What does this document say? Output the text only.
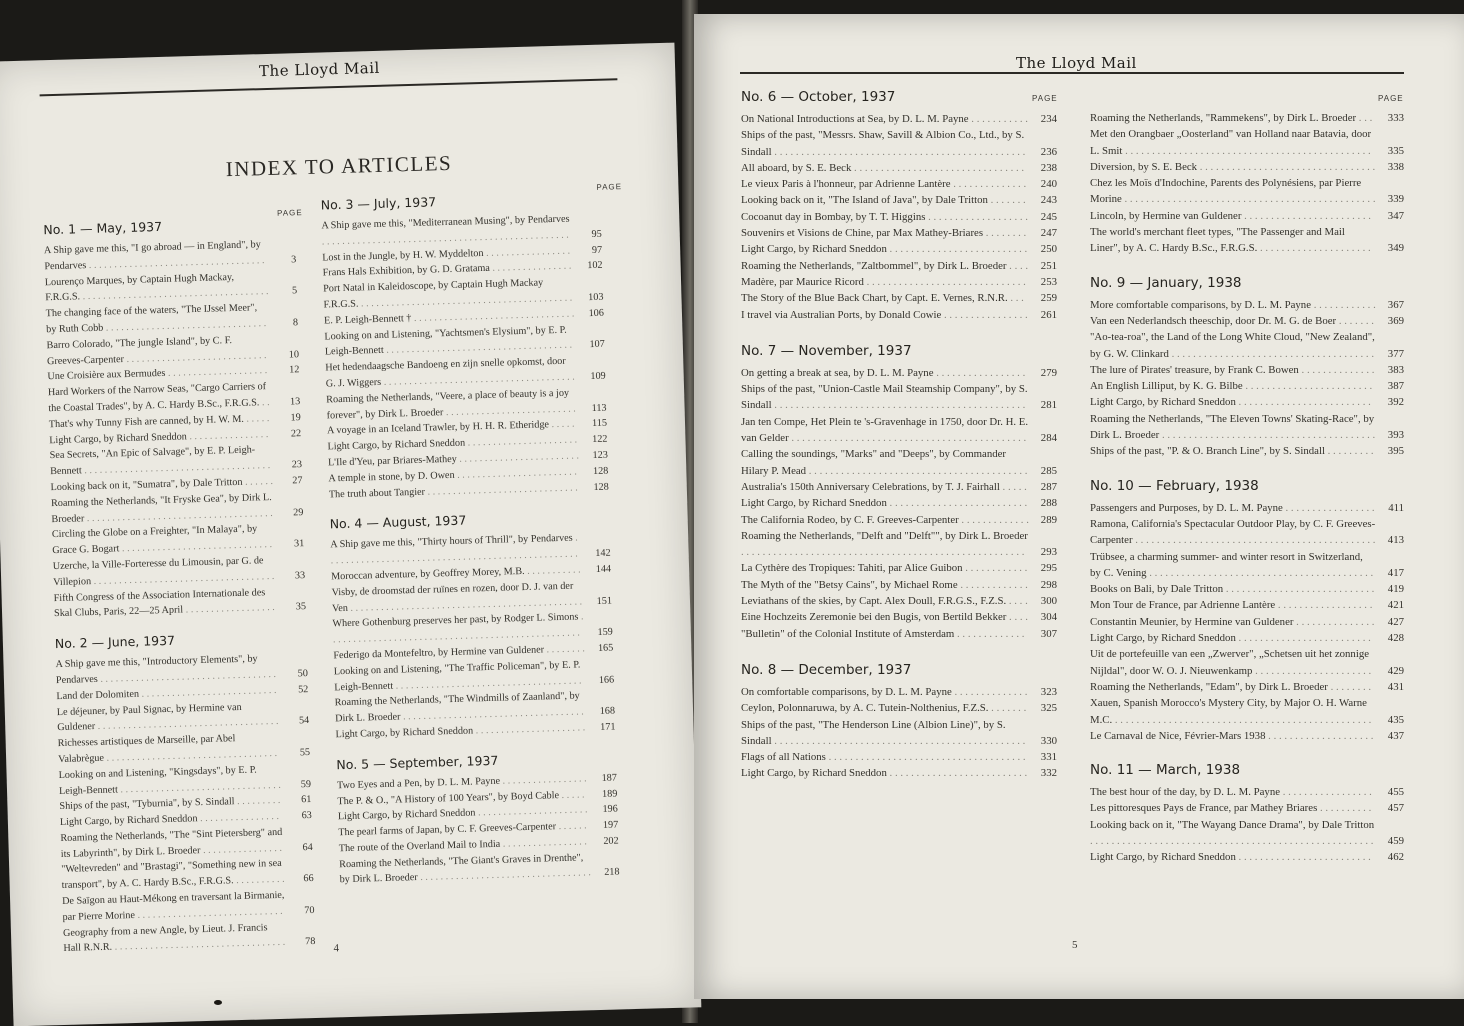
The Lloyd Mail
INDEX TO ARTICLES
PAGE
PAGE
No. 1 — May, 1937
A Ship gave me this, "I go abroad — in England", by Pendarves . . .
3
Lourenço Marques, by Captain Hugh Mackay, F.R.G.S. . . .
5
The changing face of the waters, "The IJssel Meer", by Ruth Cobb . . .	8
Barro Colorado, "The jungle Island", by C. F. Greeves-Carpenter . . .	10
Une Croisière aux Bermudes . . .	12
Hard Workers of the Narrow Seas, "Cargo Carriers of the Coastal Trades", by A. C. Hardy B.Sc., F.R.G.S. . . .	13
That's why Tunny Fish are canned, by H. W. M. . . .	19
Light Cargo, by Richard Sneddon . . .	22
Sea Secrets, "An Epic of Salvage", by E. P. Leigh-Bennett . . .
23
Looking back on it, "Sumatra", by Dale Tritton . . .	27
Roaming the Netherlands, "It Fryske Gea", by Dirk L. Broeder . . .
29
Circling the Globe on a Freighter, "In Malaya", by Grace G. Bogart . . .	31
Uzerche, la Ville-Forteresse du Limousin, par G. de Villepion . . .
33
Fifth Congress of the Association Internationale des Skal Clubs, Paris, 22—25 April . . .	35
No. 2 — June, 1937
A Ship gave me this, "Introductory Elements", by Pendarves . . .
50
Land der Dolomiten . . .	52
Le déjeuner, by Paul Signac, by Hermine van Guldener . . .
54
Richesses artistiques de Marseille, par Abel Valabrègue . . .
55
Looking on and Listening, "Kingsdays", by E. P. Leigh-Bennett . . .	59
Ships of the past, "Tyburnia", by S. Sindall . . .	61
Light Cargo, by Richard Sneddon . . .	63
Roaming the Netherlands, "The "Sint Pietersberg" and its Labyrinth", by Dirk L. Broeder . . .	64
"Weltevreden" and "Brastagi", "Something new in sea transport", by A. C. Hardy B.Sc., F.R.G.S. . . .	66
De Saïgon au Haut-Mékong en traversant la Birmanie, par Pierre Morine . . .	70
Geography from a new Angle, by Lieut. J. Francis Hall R.N.R. . . .
78
No. 3 — July, 1937
A Ship gave me this, "Mediterranean Musing", by Pendarves . . .
95
Lost in the Jungle, by H. W. Myddelton . . .	97
Frans Hals Exhibition, by G. D. Gratama . . .	102
Port Natal in Kaleidoscope, by Captain Hugh Mackay F.R.G.S. . . .
103
E. P. Leigh-Bennett † . . .	106
Looking on and Listening, "Yachtsmen's Elysium", by E. P. Leigh-Bennett . . .
107
Het hedendaagsche Bandoeng en zijn snelle opkomst, door G. J. Wiggers . . .
109
Roaming the Netherlands, "Veere, a place of beauty is a joy forever", by Dirk L. Broeder . . .	113
A voyage in an Iceland Trawler, by H. H. R. Etheridge . . .	115
Light Cargo, by Richard Sneddon . . .	122
L'Ile d'Yeu, par Briares-Mathey . . .	123
A temple in stone, by D. Owen . . .	128
The truth about Tangier . . .	128
No. 4 — August, 1937
A Ship gave me this, "Thirty hours of Thrill", by Pendarves . . .
142
Moroccan adventure, by Geoffrey Morey, M.B. . . .	144
Visby, de droomstad der ruïnes en rozen, door D. J. van der Ven . . .
151
Where Gothenburg preserves her past, by Rodger L. Simons . . .
159
Federigo da Montefeltro, by Hermine van Guldener . . .	165
Looking on and Listening, "The Traffic Policeman", by E. P. Leigh-Bennett . . .
166
Roaming the Netherlands, "The Windmills of Zaanland", by Dirk L. Broeder . . .
168
Light Cargo, by Richard Sneddon . . .	171
No. 5 — September, 1937
Two Eyes and a Pen, by D. L. M. Payne . . .	187
The P. & O., "A History of 100 Years", by Boyd Cable . . .	189
Light Cargo, by Richard Sneddon . . .	196
The pearl farms of Japan, by C. F. Greeves-Carpenter . . .	197
The route of the Overland Mail to India . . .	202
Roaming the Netherlands, "The Giant's Graves in Drenthe", by Dirk L. Broeder . . .	218
4
The Lloyd Mail
PAGE	PAGE
No. 6 — October, 1937
On National Introductions at Sea, by D. L. M. Payne . . .	234
Ships of the past, "Messrs. Shaw, Savill & Albion Co., Ltd., by S. Sindall . . .	236
All aboard, by S. E. Beck . . .	238
Le vieux Paris à l'honneur, par Adrienne Lantère . . .	240
Looking back on it, "The Island of Java", by Dale Tritton . . .	243
Cocoanut day in Bombay, by T. T. Higgins . . .	245
Souvenirs et Visions de Chine, par Max Mathey-Briares . . .	247
Light Cargo, by Richard Sneddon . . .	250
Roaming the Netherlands, "Zaltbommel", by Dirk L. Broeder . . .	251
Madère, par Maurice Ricord . . .	253
The Story of the Blue Back Chart, by Capt. E. Vernes, R.N.R. . . .	259
I travel via Australian Ports, by Donald Cowie . . .	261
No. 7 — November, 1937
On getting a break at sea, by D. L. M. Payne . . .	279
Ships of the past, "Union-Castle Mail Steamship Company", by S. Sindall . . .	281
Jan ten Compe, Het Plein te 's-Gravenhage in 1750, door Dr. H. E. van Gelder . . .	284
Calling the soundings, "Marks" and "Deeps", by Commander Hilary P. Mead . . .	285
Australia's 150th Anniversary Celebrations, by T. J. Fairhall . . .	287
Light Cargo, by Richard Sneddon . . .	288
The California Rodeo, by C. F. Greeves-Carpenter . . .	289
Roaming the Netherlands, "Delft and "Delft"", by Dirk L. Broeder . . .
293
La Cythère des Tropiques: Tahiti, par Alice Guibon . . .	295
The Myth of the "Betsy Cains", by Michael Rome . . .	298
Leviathans of the skies, by Capt. Alex Doull, F.R.G.S., F.Z.S. . . .	300
Eine Hochzeits Zeremonie bei den Bugis, von Bertild Bekker . . .	304
"Bulletin" of the Colonial Institute of Amsterdam . . .	307
No. 8 — December, 1937
On comfortable comparisons, by D. L. M. Payne . . .	323
Ceylon, Polonnaruwa, by A. C. Tutein-Nolthenius, F.Z.S. . . .	325
Ships of the past, "The Henderson Line (Albion Line)", by S. Sindall . . .	330
Flags of all Nations . . .	331
Light Cargo, by Richard Sneddon . . .	332
Roaming the Netherlands, "Rammekens", by Dirk L. Broeder . . .	333
Met den Orangbaer „Oosterland" van Holland naar Batavia, door L. Smit . . .	335
Diversion, by S. E. Beck . . .	338
Chez les Moïs d'Indochine, Parents des Polynésiens, par Pierre Morine . . .	339
Lincoln, by Hermine van Guldener . . .	347
The world's merchant fleet types, "The Passenger and Mail Liner", by A. C. Hardy B.Sc., F.R.G.S. . . .	349
No. 9 — January, 1938
More comfortable comparisons, by D. L. M. Payne . . .	367
Van een Nederlandsch theeschip, door Dr. M. G. de Boer . . .	369
"Ao-tea-roa", the Land of the Long White Cloud, "New Zealand", by G. W. Clinkard . . .	377
The lure of Pirates' treasure, by Frank C. Bowen . . .	383
An English Lilliput, by K. G. Bilbe . . .	387
Light Cargo, by Richard Sneddon . . .	392
Roaming the Netherlands, "The Eleven Towns' Skating-Race", by Dirk L. Broeder . . .	393
Ships of the past, "P. & O. Branch Line", by S. Sindall . . .	395
No. 10 — February, 1938
Passengers and Purposes, by D. L. M. Payne . . .	411
Ramona, California's Spectacular Outdoor Play, by C. F. Greeves-Carpenter . . .	413
Trübsee, a charming summer- and winter resort in Switzerland, by C. Vening . . .	417
Books on Bali, by Dale Tritton . . .	419
Mon Tour de France, par Adrienne Lantère . . .	421
Constantin Meunier, by Hermine van Guldener . . .	427
Light Cargo, by Richard Sneddon . . .	428
Uit de portefeuille van een „Zwerver", „Schetsen uit het zonnige Nijldal", door W. O. J. Nieuwenkamp . . .	429
Roaming the Netherlands, "Edam", by Dirk L. Broeder . . .	431
Xauen, Spanish Morocco's Mystery City, by Major O. H. Warne M.C. . . .	435
Le Carnaval de Nice, Février-Mars 1938 . . .	437
No. 11 — March, 1938
The best hour of the day, by D. L. M. Payne . . .	455
Les pittoresques Pays de France, par Mathey Briares . . .	457
Looking back on it, "The Wayang Dance Drama", by Dale Tritton . . .
459
Light Cargo, by Richard Sneddon . . .	462
5
